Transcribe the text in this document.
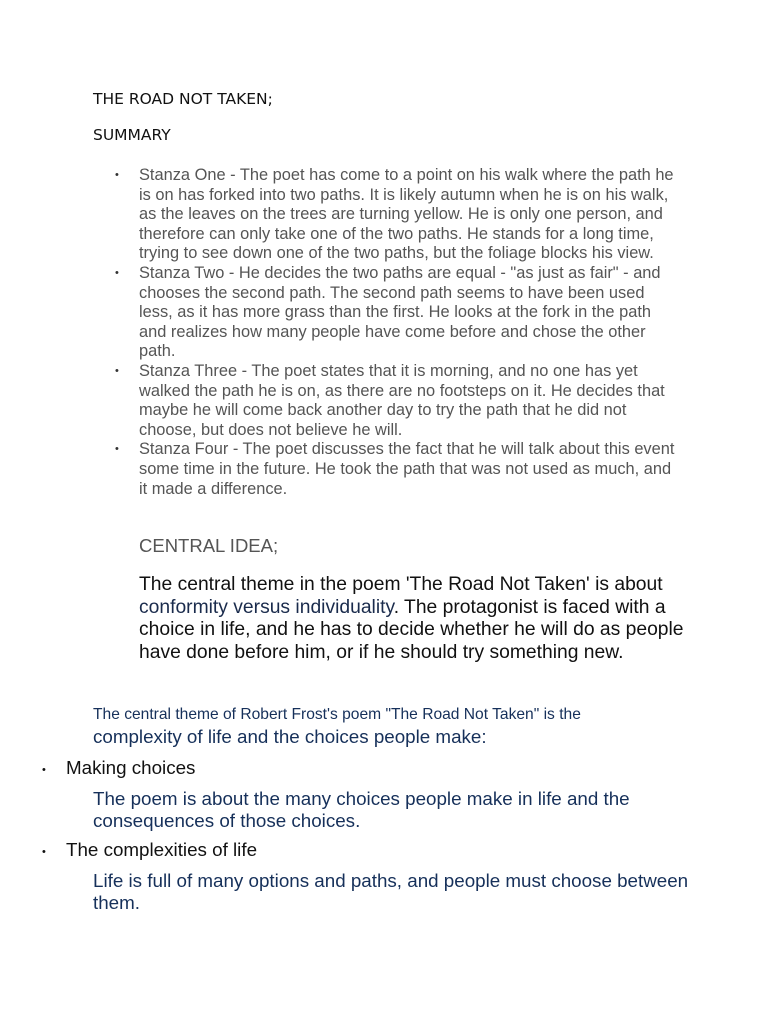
THE ROAD NOT TAKEN;

SUMMARY

• Stanza One - The poet has come to a point on his walk where the path he is on has forked into two paths. It is likely autumn when he is on his walk, as the leaves on the trees are turning yellow. He is only one person, and therefore can only take one of the two paths. He stands for a long time, trying to see down one of the two paths, but the foliage blocks his view.
• Stanza Two - He decides the two paths are equal - "as just as fair" - and chooses the second path. The second path seems to have been used less, as it has more grass than the first. He looks at the fork in the path and realizes how many people have come before and chose the other path.
• Stanza Three - The poet states that it is morning, and no one has yet walked the path he is on, as there are no footsteps on it. He decides that maybe he will come back another day to try the path that he did not choose, but does not believe he will.
• Stanza Four - The poet discusses the fact that he will talk about this event some time in the future. He took the path that was not used as much, and it made a difference.

CENTRAL IDEA;

The central theme in the poem 'The Road Not Taken' is about conformity versus individuality. The protagonist is faced with a choice in life, and he has to decide whether he will do as people have done before him, or if he should try something new.

The central theme of Robert Frost's poem "The Road Not Taken" is the

complexity of life and the choices people make:

• Making choices

The poem is about the many choices people make in life and the consequences of those choices.

• The complexities of life

Life is full of many options and paths, and people must choose between them.
